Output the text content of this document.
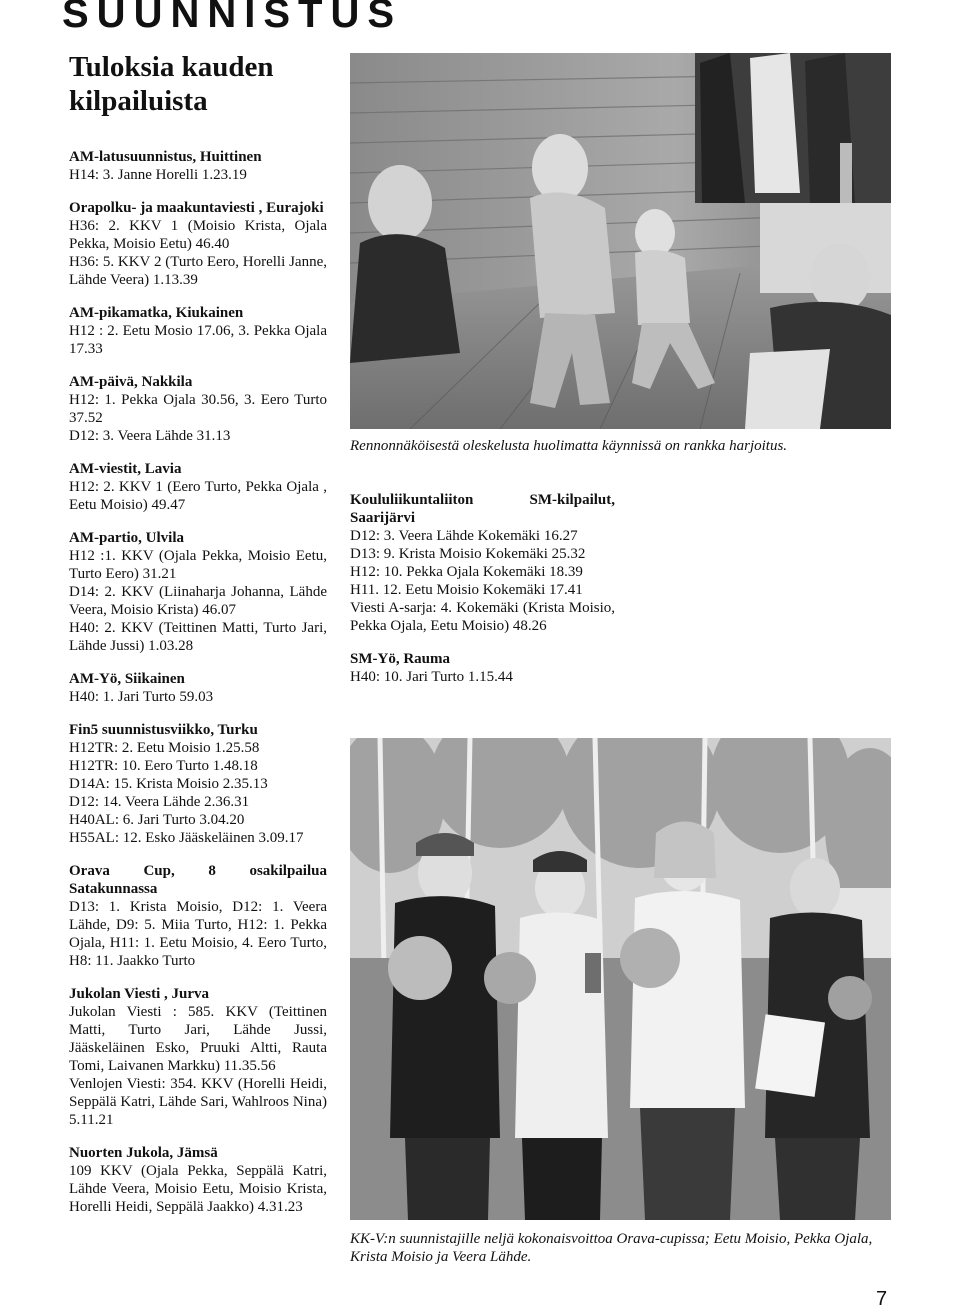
SUUNNISTUS
Tuloksia kauden kilpailuista
AM-latusuunnistus, Huittinen
H14: 3. Janne Horelli 1.23.19
Orapolku- ja maakuntaviesti , Eurajoki
H36: 2. KKV 1 (Moisio Krista, Ojala Pekka, Moisio Eetu) 46.40
H36: 5. KKV 2 (Turto Eero, Horelli Janne, Lähde Veera) 1.13.39
AM-pikamatka, Kiukainen
H12 : 2. Eetu Mosio 17.06, 3. Pekka Ojala 17.33
AM-päivä, Nakkila
H12: 1. Pekka Ojala 30.56, 3. Eero Turto 37.52
D12: 3. Veera Lähde 31.13
AM-viestit, Lavia
H12: 2. KKV 1 (Eero Turto, Pekka Ojala , Eetu Moisio) 49.47
AM-partio, Ulvila
H12 :1. KKV (Ojala Pekka, Moisio Eetu, Turto Eero) 31.21
D14: 2. KKV (Liinaharja Johanna, Lähde Veera, Moisio Krista) 46.07
H40: 2. KKV (Teittinen Matti, Turto Jari, Lähde Jussi) 1.03.28
AM-Yö, Siikainen
H40: 1. Jari Turto 59.03
Fin5 suunnistusviikko, Turku
H12TR: 2. Eetu Moisio 1.25.58
H12TR: 10. Eero Turto 1.48.18
D14A: 15. Krista Moisio 2.35.13
D12: 14. Veera Lähde 2.36.31
H40AL: 6. Jari Turto 3.04.20
H55AL: 12. Esko Jääskeläinen 3.09.17
Orava Cup, 8 osakilpailua Satakunnassa
D13: 1. Krista Moisio, D12: 1. Veera Lähde, D9: 5. Miia Turto, H12: 1. Pekka Ojala, H11: 1. Eetu Moisio, 4. Eero Turto, H8: 11. Jaakko Turto
Jukolan Viesti , Jurva
Jukolan Viesti : 585. KKV (Teittinen Matti, Turto Jari, Lähde Jussi, Jääskeläinen Esko, Pruuki Altti, Rauta Tomi, Laivanen Markku) 11.35.56
Venlojen Viesti: 354. KKV (Horelli Heidi, Seppälä Katri, Lähde Sari, Wahlroos Nina) 5.11.21
Nuorten Jukola, Jämsä
109 KKV (Ojala Pekka, Seppälä Katri, Lähde Veera, Moisio Eetu, Moisio Krista, Horelli Heidi, Seppälä Jaakko) 4.31.23
Koululiikuntaliiton SM-kilpailut, Saarijärvi
D12: 3. Veera Lähde Kokemäki 16.27
D13: 9. Krista Moisio Kokemäki 25.32
H12: 10. Pekka Ojala Kokemäki 18.39
H11. 12. Eetu Moisio Kokemäki 17.41
Viesti A-sarja: 4. Kokemäki (Krista Moisio, Pekka Ojala, Eetu Moisio) 48.26
SM-Yö, Rauma
H40: 10. Jari Turto 1.15.44
Rennonnäköisestä oleskelusta huolimatta käynnissä on rankka harjoitus.
KK-V:n suunnistajille neljä kokonaisvoittoa Orava-cupissa; Eetu Moisio, Pekka Ojala, Krista Moisio ja Veera Lähde.
7
